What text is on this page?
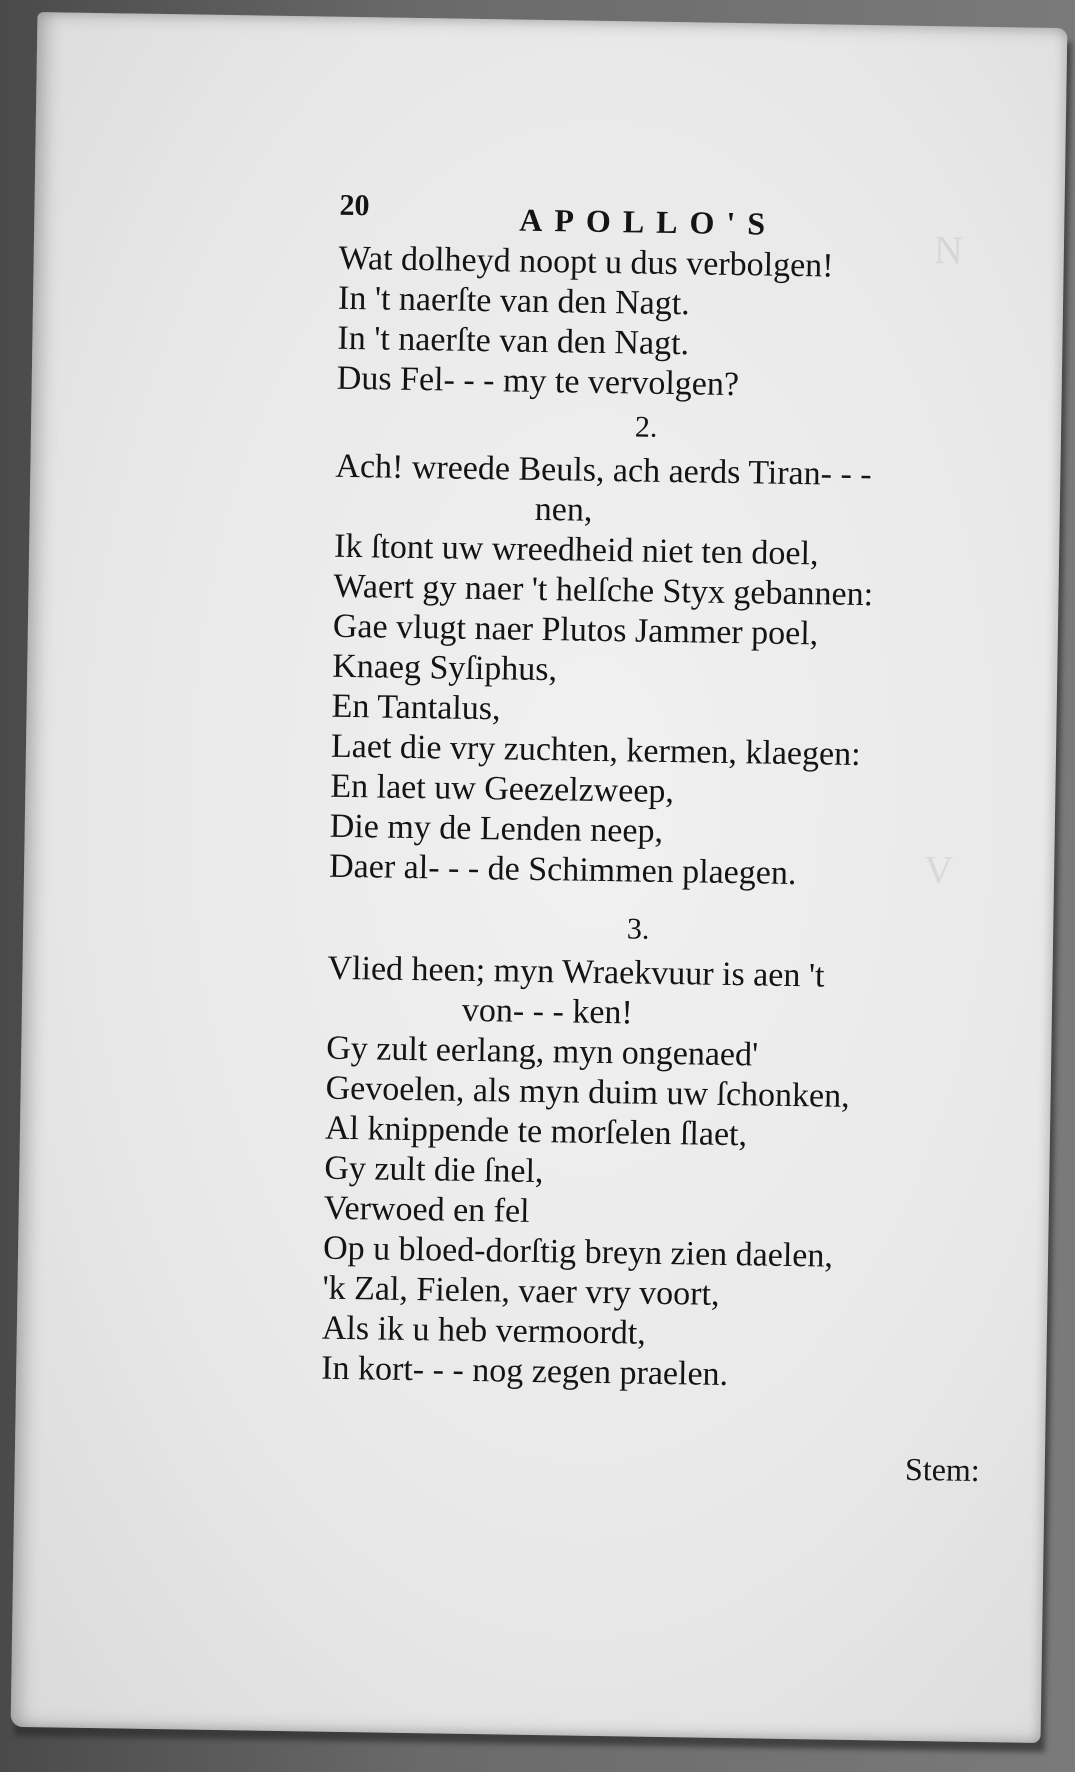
N
V
20	APOLLO'S
Wat dolheyd noopt u dus verbolgen!
In 't naerſte van den Nagt.
In 't naerſte van den Nagt.
Dus Fel- - - my te vervolgen?
2.
Ach! wreede Beuls, ach aerds Tiran- - -
nen,
Ik ſtont uw wreedheid niet ten doel,
Waert gy naer 't helſche Styx gebannen:
Gae vlugt naer Plutos Jammer poel,
Knaeg Syſiphus,
En Tantalus,
Laet die vry zuchten, kermen, klaegen:
En laet uw Geezelzweep,
Die my de Lenden neep,
Daer al- - - de Schimmen plaegen.
3.
Vlied heen; myn Wraekvuur is aen 't
von- - - ken!
Gy zult eerlang, myn ongenaed'
Gevoelen, als myn duim uw ſchonken,
Al knippende te morſelen ſlaet,
Gy zult die ſnel,
Verwoed en fel
Op u bloed-dorſtig breyn zien daelen,
'k Zal, Fielen, vaer vry voort,
Als ik u heb vermoordt,
In kort- - - nog zegen praelen.
Stem:
